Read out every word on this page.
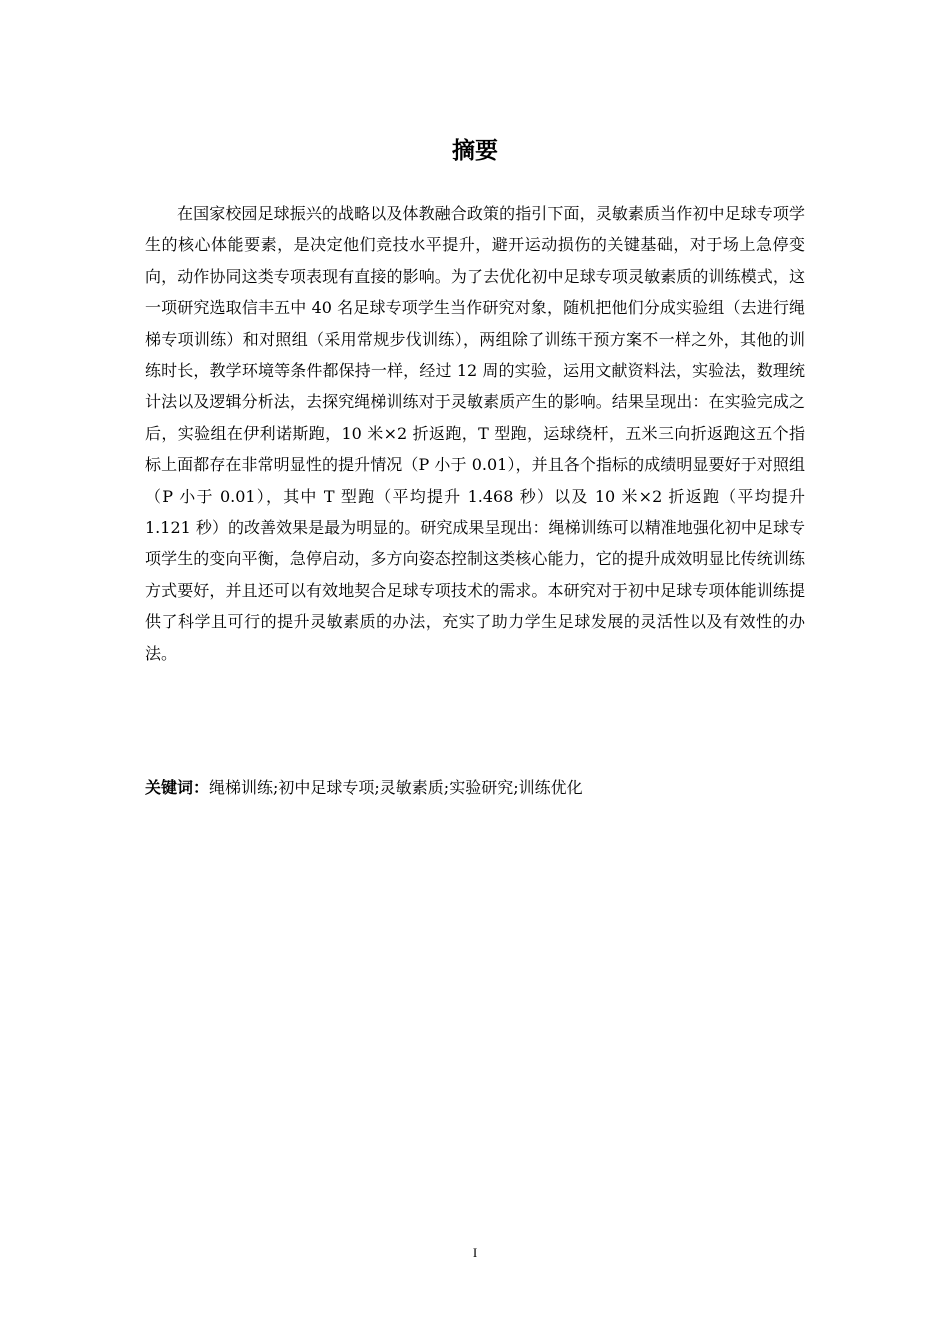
摘要

在国家校园足球振兴的战略以及体教融合政策的指引下面，灵敏素质当作初中足球专项学生的核心体能要素，是决定他们竞技水平提升，避开运动损伤的关键基础，对于场上急停变向，动作协同这类专项表现有直接的影响。为了去优化初中足球专项灵敏素质的训练模式，这一项研究选取信丰五中 40 名足球专项学生当作研究对象，随机把他们分成实验组（去进行绳梯专项训练）和对照组（采用常规步伐训练），两组除了训练干预方案不一样之外，其他的训练时长，教学环境等条件都保持一样，经过 12 周的实验，运用文献资料法，实验法，数理统计法以及逻辑分析法，去探究绳梯训练对于灵敏素质产生的影响。结果呈现出：在实验完成之后，实验组在伊利诺斯跑，10 米×2 折返跑，T 型跑，运球绕杆，五米三向折返跑这五个指标上面都存在非常明显性的提升情况（P 小于 0.01），并且各个指标的成绩明显要好于对照组（P 小于 0.01），其中 T 型跑（平均提升 1.468 秒）以及 10 米×2 折返跑（平均提升 1.121 秒）的改善效果是最为明显的。研究成果呈现出：绳梯训练可以精准地强化初中足球专项学生的变向平衡，急停启动，多方向姿态控制这类核心能力，它的提升成效明显比传统训练方式要好，并且还可以有效地契合足球专项技术的需求。本研究对于初中足球专项体能训练提供了科学且可行的提升灵敏素质的办法，充实了助力学生足球发展的灵活性以及有效性的办法。

关键词：绳梯训练;初中足球专项;灵敏素质;实验研究;训练优化

I
